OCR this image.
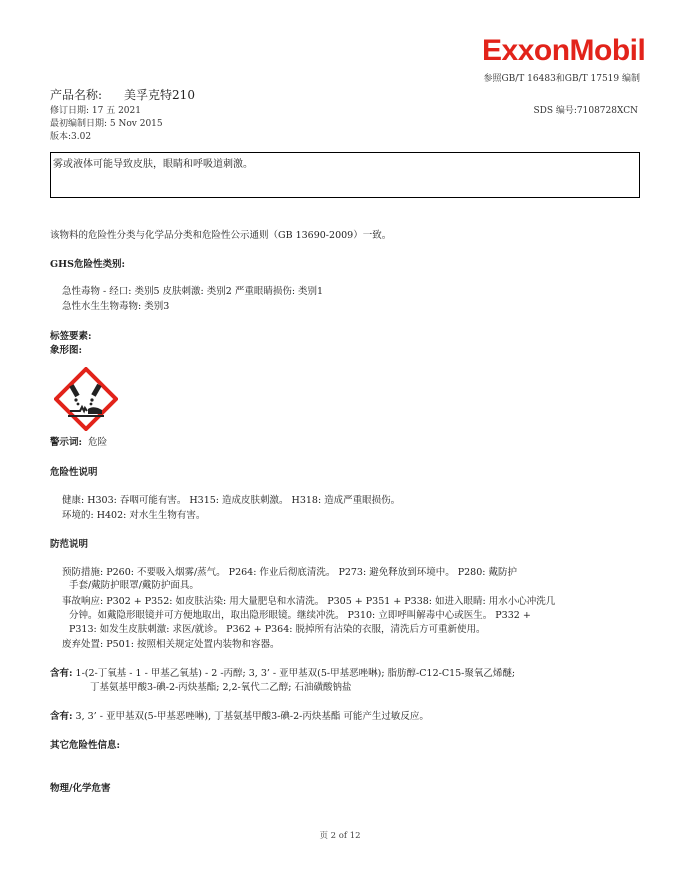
ExxonMobil
参照GB/T 16483和GB/T 17519 编制
产品名称: 美孚克特210
修订日期: 17 五 2021
最初编制日期: 5 Nov 2015
版本:3.02
SDS 编号:7108728XCN
雾或液体可能导致皮肤，眼睛和呼吸道刺激。
该物料的危险性分类与化学品分类和危险性公示通则（GB 13690-2009）一致。
GHS危险性类别:
急性毒物 - 经口: 类别5 皮肤刺激: 类别2 严重眼睛损伤: 类别1
急性水生生物毒物: 类别3
标签要素:
象形图:
警示词: 危险
危险性说明
健康: H303: 吞咽可能有害。 H315: 造成皮肤刺激。 H318: 造成严重眼损伤。
环境的: H402: 对水生生物有害。
防范说明
预防措施: P260: 不要吸入烟雾/蒸气。 P264: 作业后彻底清洗。 P273: 避免释放到环境中。 P280: 戴防护
手套/戴防护眼罩/戴防护面具。
事故响应: P302 + P352: 如皮肤沾染: 用大量肥皂和水清洗。 P305 + P351 + P338: 如进入眼睛: 用水小心冲洗几
分钟。如戴隐形眼镜并可方便地取出，取出隐形眼镜。继续冲洗。 P310: 立即呼叫解毒中心或医生。 P332 +
P313: 如发生皮肤刺激: 求医/就诊。 P362 + P364: 脱掉所有沾染的衣服，清洗后方可重新使用。
废弃处置: P501: 按照相关规定处置内装物和容器。
含有: 1-(2-丁氧基 - 1 - 甲基乙氧基) - 2 -丙醇; 3, 3’ - 亚甲基双(5-甲基恶唑啉); 脂肪醇-C12-C15-聚氧乙烯醚;
丁基氨基甲酸3-碘-2-丙炔基酯; 2,2-氧代二乙醇; 石油磺酸钠盐
含有: 3, 3’ - 亚甲基双(5-甲基恶唑啉), 丁基氨基甲酸3-碘-2-丙炔基酯 可能产生过敏反应。
其它危险性信息:
物理/化学危害
页 2 of 12
